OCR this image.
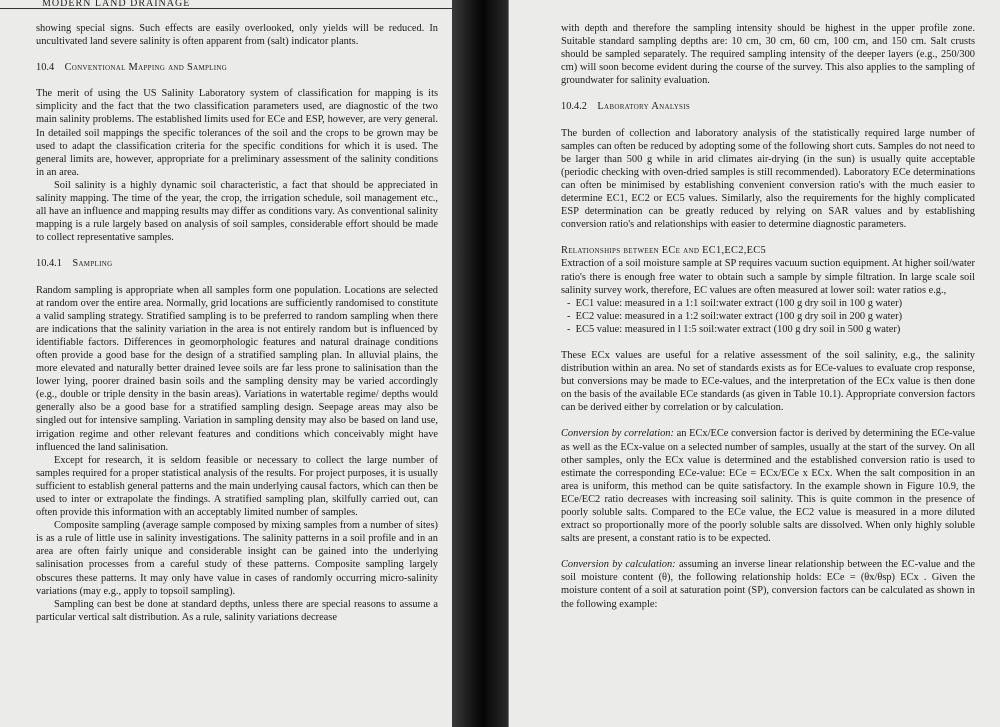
MODERN LAND DRAINAGE

showing special signs. Such effects are easily overlooked, only yields will be reduced. In uncultivated land severe salinity is often apparent from (salt) indicator plants.

10.4 Conventional Mapping and Sampling

The merit of using the US Salinity Laboratory system of classification for mapping is its simplicity and the fact that the two classification parameters used, are diagnostic of the two main salinity problems. The established limits used for ECe and ESP, however, are very general. In detailed soil mappings the specific tolerances of the soil and the crops to be grown may be used to adapt the classification criteria for the specific conditions for which it is used. The general limits are, however, appropriate for a preliminary assessment of the salinity conditions in an area.

Soil salinity is a highly dynamic soil characteristic, a fact that should be appreciated in salinity mapping. The time of the year, the crop, the irrigation schedule, soil management etc., all have an influence and mapping results may differ as conditions vary. As conventional salinity mapping is a rule largely based on analysis of soil samples, considerable effort should be made to collect representative samples.

10.4.1 Sampling

Random sampling is appropriate when all samples form one population. Locations are selected at random over the entire area. Normally, grid locations are sufficiently randomised to constitute a valid sampling strategy. Stratified sampling is to be preferred to random sampling when there are indications that the salinity variation in the area is not entirely random but is influenced by identifiable factors. Differences in geomorphologic features and natural drainage conditions often provide a good base for the design of a stratified sampling plan. In alluvial plains, the more elevated and naturally better drained levee soils are far less prone to salinisation than the lower lying, poorer drained basin soils and the sampling density may be varied accordingly (e.g., double or triple density in the basin areas). Variations in watertable regime/ depths would generally also be a good base for a stratified sampling design. Seepage areas may also be singled out for intensive sampling. Variation in sampling density may also be based on land use, irrigation regime and other relevant features and conditions which conceivably might have influenced the land salinisation.

Except for research, it is seldom feasible or necessary to collect the large number of samples required for a proper statistical analysis of the results. For project purposes, it is usually sufficient to establish general patterns and the main underlying causal factors, which can then be used to inter or extrapolate the findings. A stratified sampling plan, skilfully carried out, can often provide this information with an acceptably limited number of samples.

Composite sampling (average sample composed by mixing samples from a number of sites) is as a rule of little use in salinity investigations. The salinity patterns in a soil profile and in an area are often fairly unique and considerable insight can be gained into the underlying salinisation processes from a careful study of these patterns. Composite sampling largely obscures these patterns. It may only have value in cases of randomly occurring micro-salinity variations (may e.g., apply to topsoil sampling).

Sampling can best be done at standard depths, unless there are special reasons to assume a particular vertical salt distribution. As a rule, salinity variations decrease

with depth and therefore the sampling intensity should be highest in the upper profile zone. Suitable standard sampling depths are: 10 cm, 30 cm, 60 cm, 100 cm, and 150 cm. Salt crusts should be sampled separately. The required sampling intensity of the deeper layers (e.g., 250/300 cm) will soon become evident during the course of the survey. This also applies to the sampling of groundwater for salinity evaluation.

10.4.2 Laboratory Analysis

The burden of collection and laboratory analysis of the statistically required large number of samples can often be reduced by adopting some of the following short cuts. Samples do not need to be larger than 500 g while in arid climates air-drying (in the sun) is usually quite acceptable (periodic checking with oven-dried samples is still recommended). Laboratory ECe determinations can often be minimised by establishing convenient conversion ratio's with the much easier to determine EC1, EC2 or EC5 values. Similarly, also the requirements for the highly complicated ESP determination can be greatly reduced by relying on SAR values and by establishing conversion ratio's and relationships with easier to determine diagnostic parameters.

Relationships between ECe and EC1,EC2,EC5

Extraction of a soil moisture sample at SP requires vacuum suction equipment. At higher soil/water ratio's there is enough free water to obtain such a sample by simple filtration. In large scale soil salinity survey work, therefore, EC values are often measured at lower soil: water ratios e.g.,

- EC1 value: measured in a 1:1 soil:water extract (100 g dry soil in 100 g water)
- EC2 value: measured in a 1:2 soil:water extract (100 g dry soil in 200 g water)
- EC5 value: measured in l 1:5 soil:water extract (100 g dry soil in 500 g water)

These ECx values are useful for a relative assessment of the soil salinity, e.g., the salinity distribution within an area. No set of standards exists as for ECe-values to evaluate crop response, but conversions may be made to ECe-values, and the interpretation of the ECx value is then done on the basis of the available ECe standards (as given in Table 10.1). Appropriate conversion factors can be derived either by correlation or by calculation.

Conversion by correlation: an ECx/ECe conversion factor is derived by determining the ECe-value as well as the ECx-value on a selected number of samples, usually at the start of the survey. On all other samples, only the ECx value is determined and the established conversion ratio is used to estimate the corresponding ECe-value: ECe = ECx/ECe x ECx. When the salt composition in an area is uniform, this method can be quite satisfactory. In the example shown in Figure 10.9, the ECe/EC2 ratio decreases with increasing soil salinity. This is quite common in the presence of poorly soluble salts. Compared to the ECe value, the EC2 value is measured in a more diluted extract so proportionally more of the poorly soluble salts are dissolved. When only highly soluble salts are present, a constant ratio is to be expected.

Conversion by calculation: assuming an inverse linear relationship between the EC-value and the soil moisture content (θ), the following relationship holds: ECe = (θx/θsp) ECx . Given the moisture content of a soil at saturation point (SP), conversion factors can be calculated as shown in the following example:
